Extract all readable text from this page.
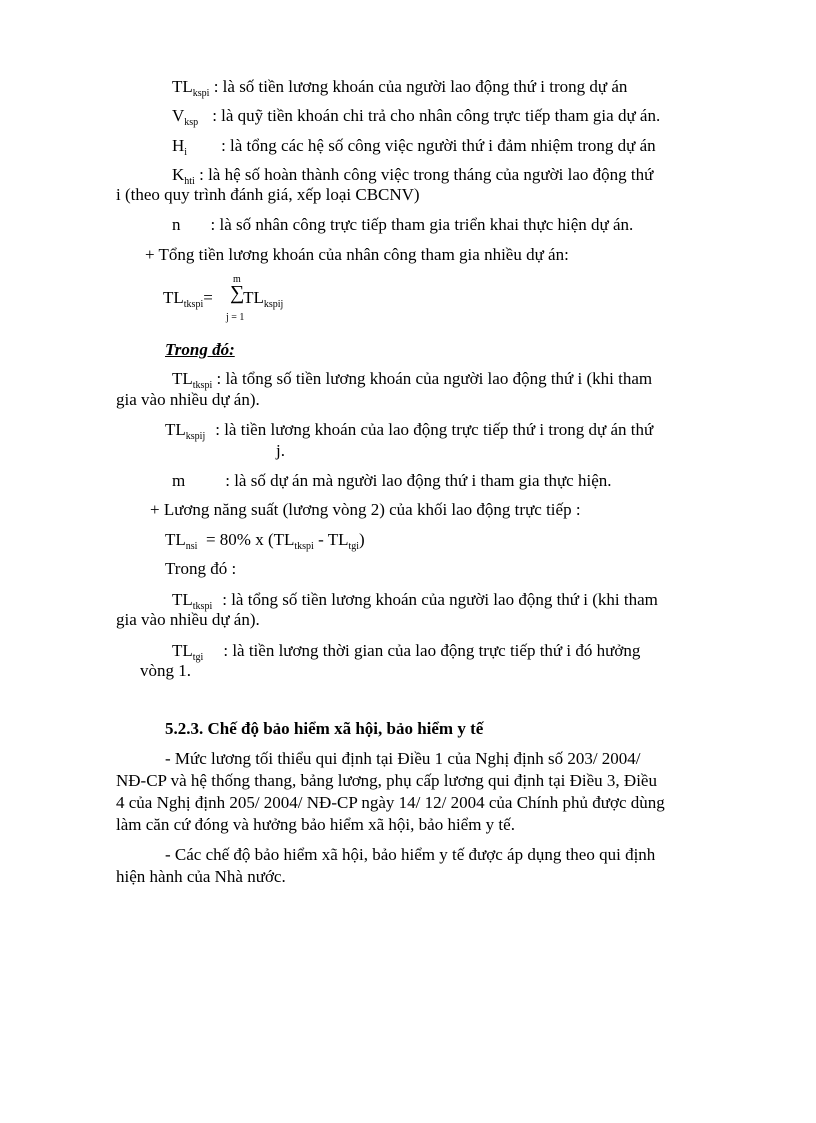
$TL_{kspi}$ : là số tiền lương khoán của người lao động thứ i trong dự án
$V_{ksp}$ : là quỹ tiền khoán chi trả cho nhân công trực tiếp tham gia dự án.
$H_i$ : là tổng các hệ số công việc người thứ i đảm nhiệm trong dự án
$K_{hti}$ : là hệ số hoàn thành công việc trong tháng của người lao động thứ
i (theo quy trình đánh giá, xếp loại CBCNV)
n : là số nhân công trực tiếp tham gia triển khai thực hiện dự án.
+ Tổng tiền lương khoán của nhân công tham gia nhiều dự án:
$TL_{tkspi}= TL_{kspij}$
m
∑
j = 1
Trong đó:
$TL_{tkspi}$ : là tổng số tiền lương khoán của người lao động thứ i (khi tham
gia vào nhiều dự án).
$TL_{kspij}$ : là tiền lương khoán của lao động trực tiếp thứ i trong dự án thứ
j.
m : là số dự án mà người lao động thứ i tham gia thực hiện.
+ Lương năng suất (lương vòng 2) của khối lao động trực tiếp :
$TL_{nsi} = 80\%$ x $(TL_{tkspi} - TL_{tgi})$
Trong đó :
$TL_{tkspi}$ : là tổng số tiền lương khoán của người lao động thứ i (khi tham
gia vào nhiều dự án).
$TL_{tgi}$ : là tiền lương thời gian của lao động trực tiếp thứ i đó hưởng
vòng 1.
5.2.3. Chế độ bảo hiểm xã hội, bảo hiểm y tế
- Mức lương tối thiểu qui định tại Điều 1 của Nghị định số 203/ 2004/
NĐ-CP và hệ thống thang, bảng lương, phụ cấp lương qui định tại Điều 3, Điều
4 của Nghị định 205/ 2004/ NĐ-CP ngày 14/ 12/ 2004 của Chính phủ được dùng
làm căn cứ đóng và hưởng bảo hiểm xã hội, bảo hiểm y tế.
- Các chế độ bảo hiểm xã hội, bảo hiểm y tế được áp dụng theo qui định
hiện hành của Nhà nước.
